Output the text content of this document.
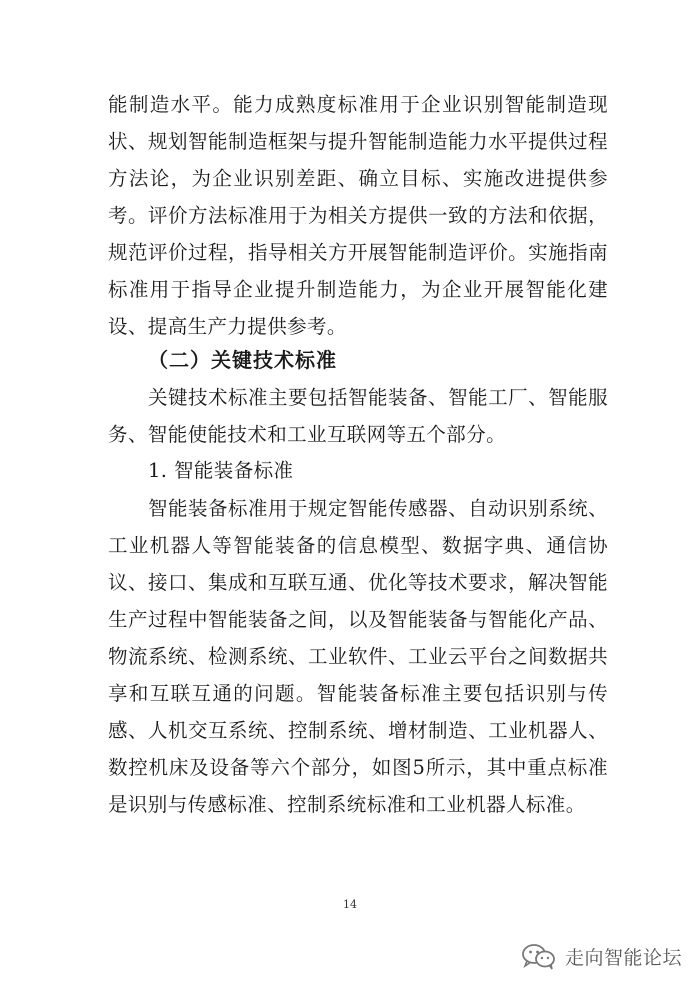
能制造水平。能力成熟度标准用于企业识别智能制造现状、规划智能制造框架与提升智能制造能力水平提供过程方法论，为企业识别差距、确立目标、实施改进提供参考。评价方法标准用于为相关方提供一致的方法和依据，规范评价过程，指导相关方开展智能制造评价。实施指南标准用于指导企业提升制造能力，为企业开展智能化建设、提高生产力提供参考。

（二）关键技术标准

关键技术标准主要包括智能装备、智能工厂、智能服务、智能使能技术和工业互联网等五个部分。

1. 智能装备标准

智能装备标准用于规定智能传感器、自动识别系统、工业机器人等智能装备的信息模型、数据字典、通信协议、接口、集成和互联互通、优化等技术要求，解决智能生产过程中智能装备之间，以及智能装备与智能化产品、物流系统、检测系统、工业软件、工业云平台之间数据共享和互联互通的问题。智能装备标准主要包括识别与传感、人机交互系统、控制系统、增材制造、工业机器人、数控机床及设备等六个部分，如图5所示，其中重点标准是识别与传感标准、控制系统标准和工业机器人标准。

14
走向智能论坛
